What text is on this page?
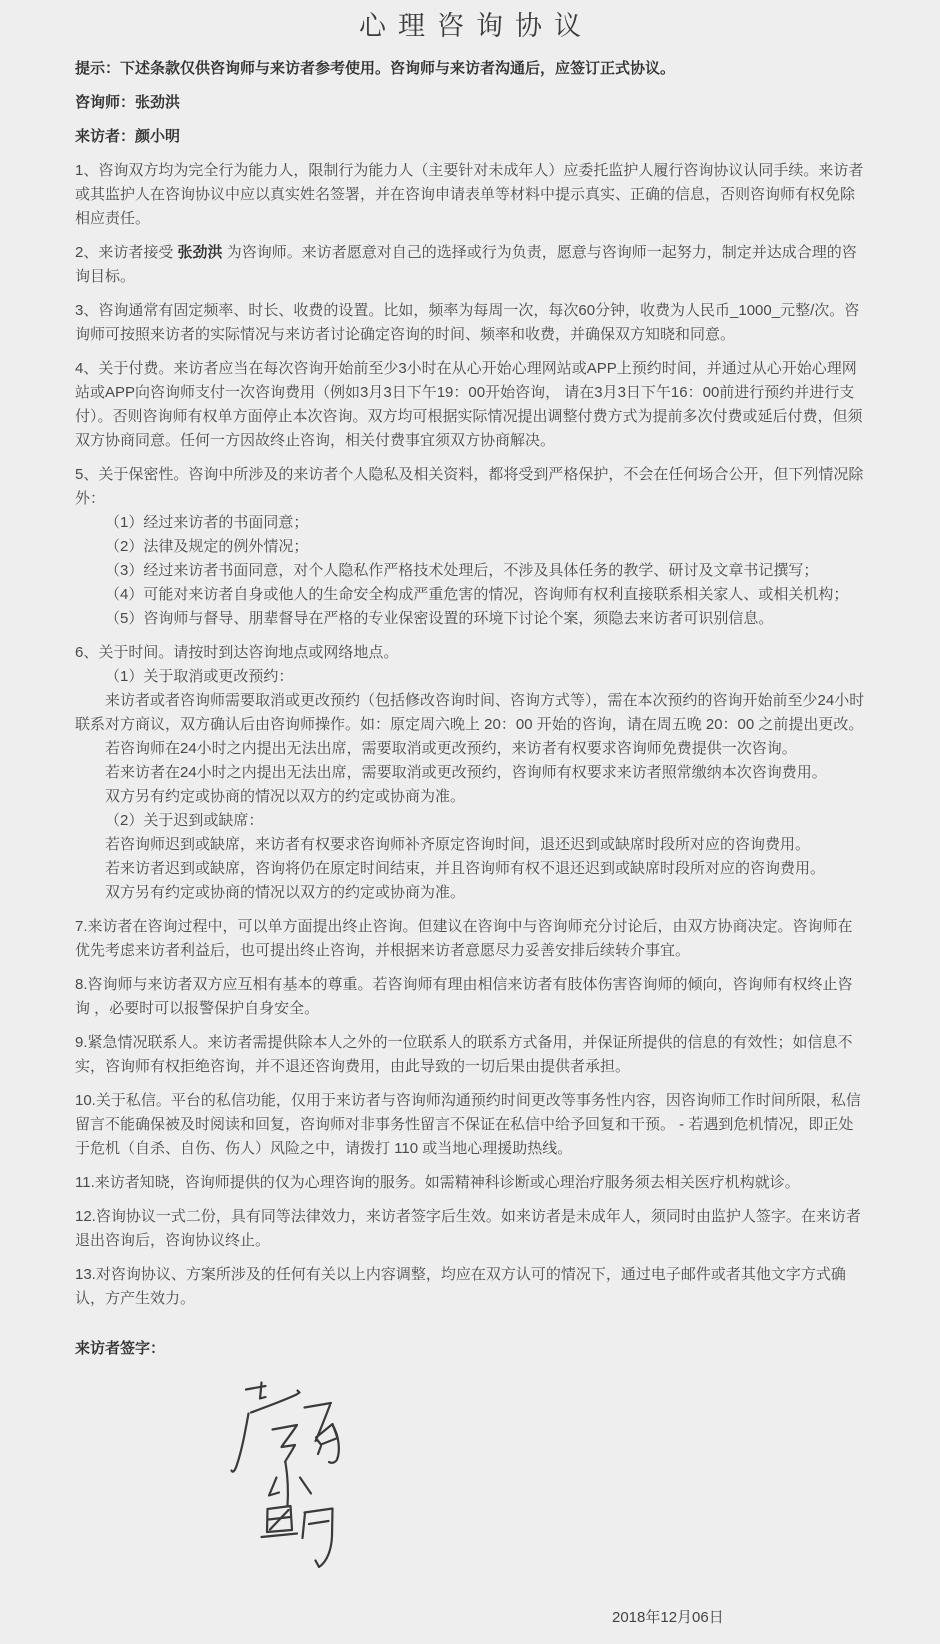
心理咨询协议
提示：下述条款仅供咨询师与来访者参考使用。咨询师与来访者沟通后，应签订正式协议。
咨询师：张劲洪
来访者：颜小明
1、咨询双方均为完全行为能力人，限制行为能力人（主要针对未成年人）应委托监护人履行咨询协议认同手续。来访者或其监护人在咨询协议中应以真实姓名签署，并在咨询申请表单等材料中提示真实、正确的信息，否则咨询师有权免除相应责任。
2、来访者接受 张劲洪 为咨询师。来访者愿意对自己的选择或行为负责，愿意与咨询师一起努力，制定并达成合理的咨询目标。
3、咨询通常有固定频率、时长、收费的设置。比如，频率为每周一次，每次60分钟，收费为人民币_1000_元整/次。咨询师可按照来访者的实际情况与来访者讨论确定咨询的时间、频率和收费，并确保双方知晓和同意。
4、关于付费。来访者应当在每次咨询开始前至少3小时在从心开始心理网站或APP上预约时间，并通过从心开始心理网站或APP向咨询师支付一次咨询费用（例如3月3日下午19：00开始咨询， 请在3月3日下午16：00前进行预约并进行支付）。否则咨询师有权单方面停止本次咨询。双方均可根据实际情况提出调整付费方式为提前多次付费或延后付费，但须双方协商同意。任何一方因故终止咨询，相关付费事宜须双方协商解决。
5、关于保密性。咨询中所涉及的来访者个人隐私及相关资料，都将受到严格保护，不会在任何场合公开，但下列情况除外：
（1）经过来访者的书面同意；
（2）法律及规定的例外情况；
（3）经过来访者书面同意，对个人隐私作严格技术处理后，不涉及具体任务的教学、研讨及文章书记撰写；
（4）可能对来访者自身或他人的生命安全构成严重危害的情况，咨询师有权利直接联系相关家人、或相关机构；
（5）咨询师与督导、朋辈督导在严格的专业保密设置的环境下讨论个案，须隐去来访者可识别信息。
6、关于时间。请按时到达咨询地点或网络地点。
（1）关于取消或更改预约：
来访者或者咨询师需要取消或更改预约（包括修改咨询时间、咨询方式等），需在本次预约的咨询开始前至少24小时联系对方商议，双方确认后由咨询师操作。如：原定周六晚上 20：00 开始的咨询，请在周五晚 20：00 之前提出更改。
若咨询师在24小时之内提出无法出席，需要取消或更改预约，来访者有权要求咨询师免费提供一次咨询。
若来访者在24小时之内提出无法出席，需要取消或更改预约，咨询师有权要求来访者照常缴纳本次咨询费用。
双方另有约定或协商的情况以双方的约定或协商为准。
（2）关于迟到或缺席：
若咨询师迟到或缺席，来访者有权要求咨询师补齐原定咨询时间，退还迟到或缺席时段所对应的咨询费用。
若来访者迟到或缺席，咨询将仍在原定时间结束，并且咨询师有权不退还迟到或缺席时段所对应的咨询费用。
双方另有约定或协商的情况以双方的约定或协商为准。
7.来访者在咨询过程中，可以单方面提出终止咨询。但建议在咨询中与咨询师充分讨论后，由双方协商决定。咨询师在优先考虑来访者利益后，也可提出终止咨询，并根据来访者意愿尽力妥善安排后续转介事宜。
8.咨询师与来访者双方应互相有基本的尊重。若咨询师有理由相信来访者有肢体伤害咨询师的倾向，咨询师有权终止咨询 ，必要时可以报警保护自身安全。
9.紧急情况联系人。来访者需提供除本人之外的一位联系人的联系方式备用，并保证所提供的信息的有效性；如信息不实，咨询师有权拒绝咨询，并不退还咨询费用，由此导致的一切后果由提供者承担。
10.关于私信。平台的私信功能，仅用于来访者与咨询师沟通预约时间更改等事务性内容，因咨询师工作时间所限，私信留言不能确保被及时阅读和回复，咨询师对非事务性留言不保证在私信中给予回复和干预。 - 若遇到危机情况，即正处于危机（自杀、自伤、伤人）风险之中，请拨打 110 或当地心理援助热线。
11.来访者知晓，咨询师提供的仅为心理咨询的服务。如需精神科诊断或心理治疗服务须去相关医疗机构就诊。
12.咨询协议一式二份，具有同等法律效力，来访者签字后生效。如来访者是未成年人，须同时由监护人签字。在来访者退出咨询后，咨询协议终止。
13.对咨询协议、方案所涉及的任何有关以上内容调整，均应在双方认可的情况下，通过电子邮件或者其他文字方式确认，方产生效力。
来访者签字：
2018年12月06日
